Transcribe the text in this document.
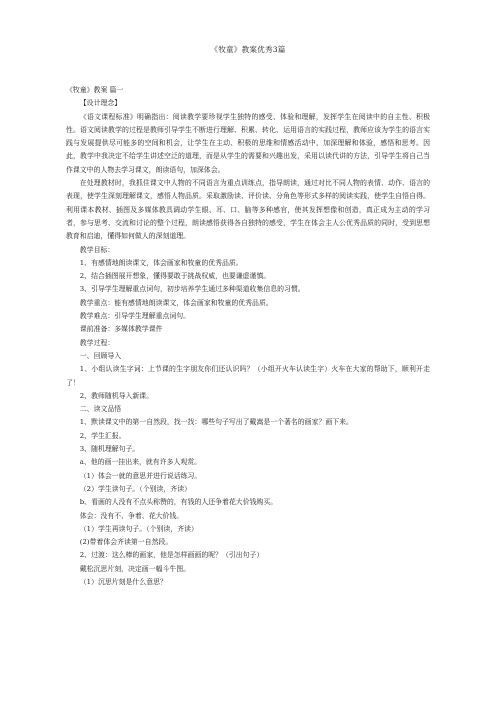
《牧童》教案优秀3篇

《牧童》教案 篇一

【设计理念】

《语文课程标准》明确指出：阅读教学要珍视学生独特的感受、体验和理解，发挥学生在阅读中的自主性、积极性。语文阅读教学的过程是教师引导学生不断进行理解、积累、转化、运用语言的实践过程，教师应该为学生的语言实践与发展提供尽可能多的空间和机会，让学生在主动、积极的思维和情感活动中，加深理解和体验，感悟和思考。因此，教学中我决定不给学生讲述空泛的道理，而是从学生的需要和兴趣出发，采用以读代讲的方法，引导学生将自己当作课文中的人物去学习课文，朗读语句，加深体会。

在处理教材时，我抓住课文中人物的不同语言为重点训练点，指导朗读，通过对比不同人物的表情、动作、语言的表现，使学生深刻理解课文，感悟人物品质。采取激励读、评价读、分角色等形式多样的阅读实践，使学生自悟自得。利用课本教材、插图及多媒体教具调动学生眼、耳、口、脑等多种感官，使其发挥想像和创造，真正成为主动的学习者，参与思考、交流和讨论的整个过程，朗读感悟获得各自独特的感受，学生在体会主人公优秀品质的同时，受到思想教育和启迪，懂得如何做人的深刻道理。

教学目标：

1、有感情地朗读课文，体会画家和牧童的优秀品质。

2、结合插图展开想象，懂得要敢于挑战权威，也要谦虚谨慎。

3、引导学生理解重点词句，初步培养学生通过多种渠道收集信息的习惯。

教学重点：能有感情地朗读课文，体会画家和牧童的优秀品质。

教学难点：引导学生理解重点词句。

课前准备：多媒体教学课件

教学过程：

一、回顾导入

1、小组认读生字词：上节课的生字朋友你们还认识吗？（小组开火车认读生字）火车在大家的帮助下，顺利开走了！

2、教师随机导入新课。

二、读文品悟

1、默读课文中的第一自然段，找一找：哪些句子写出了戴嵩是一个著名的画家？画下来。

2、学生汇报。

3、随机理解句子。

a、他的画一挂出来，就有许多人观赏。

（1）体会一就的意思并进行说话练习。

（2）学生读句子。（个别读，齐读）

b、看画的人没有不点头称赞的，有钱的人还争着花大价钱购买。

体会：没有不、争着、花大价钱。

（1）学生再读句子。（个别读，齐读）

(2)带着体会齐读第一自然段。

2、过渡：这么棒的画家，他是怎样画画的呢？（引出句子）

戴松沉思片刻，决定画一幅斗牛图。

（1）沉思片刻是什么意思？
